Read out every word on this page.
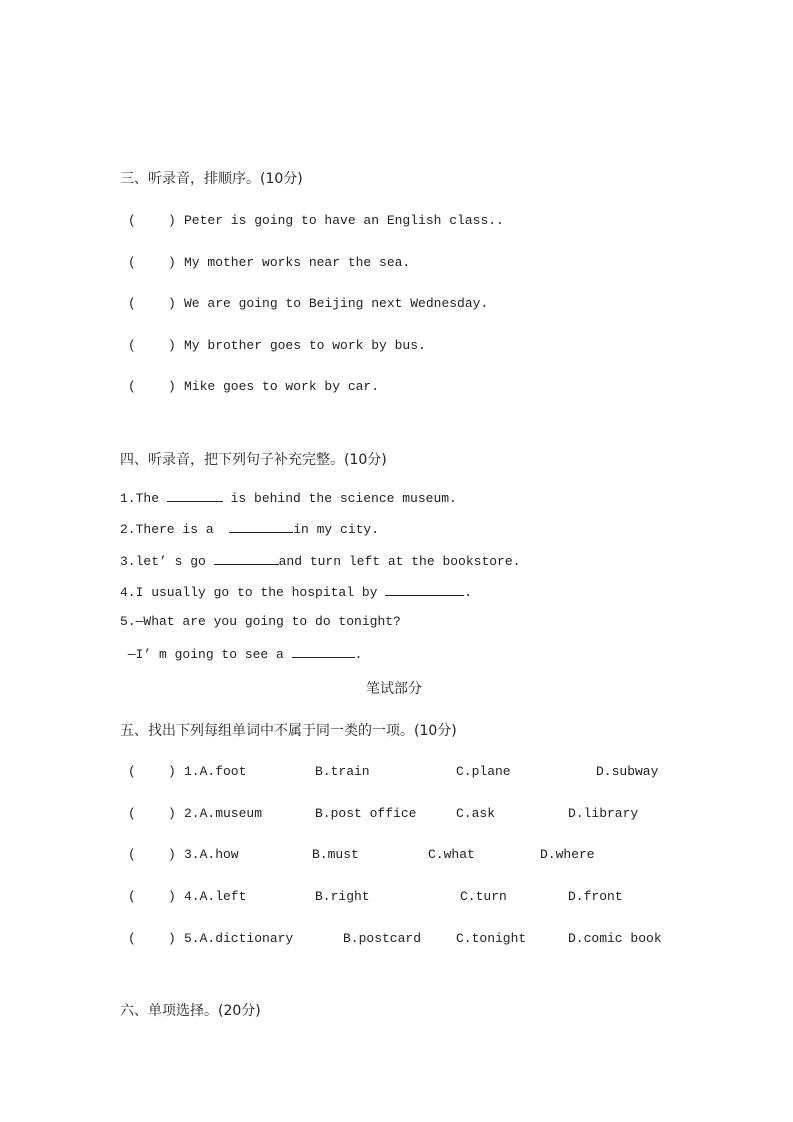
三、听录音，排顺序。(10分)
( ) Peter is going to have an English class..
( ) My mother works near the sea.
( ) We are going to Beijing next Wednesday.
( ) My brother goes to work by bus.
( ) Mike goes to work by car.
四、听录音，把下列句子补充完整。(10分)
1.The	is behind the science museum.
2.There is a	in my city.
3.let’ s go	and turn left at the bookstore.
4.I usually go to the hospital by	.
5.—What are you going to do tonight?
—I’ m going to see a	.
笔试部分
五、找出下列每组单词中不属于同一类的一项。(10分)
( ) 1.A.foot	B.train	C.plane	D.subway
( ) 2.A.museum	B.post office	C.ask	D.library
( ) 3.A.how	B.must	C.what	D.where
( ) 4.A.left	B.right	C.turn	D.front
( ) 5.A.dictionary	B.postcard	C.tonight	D.comic book
六、单项选择。(20分)
